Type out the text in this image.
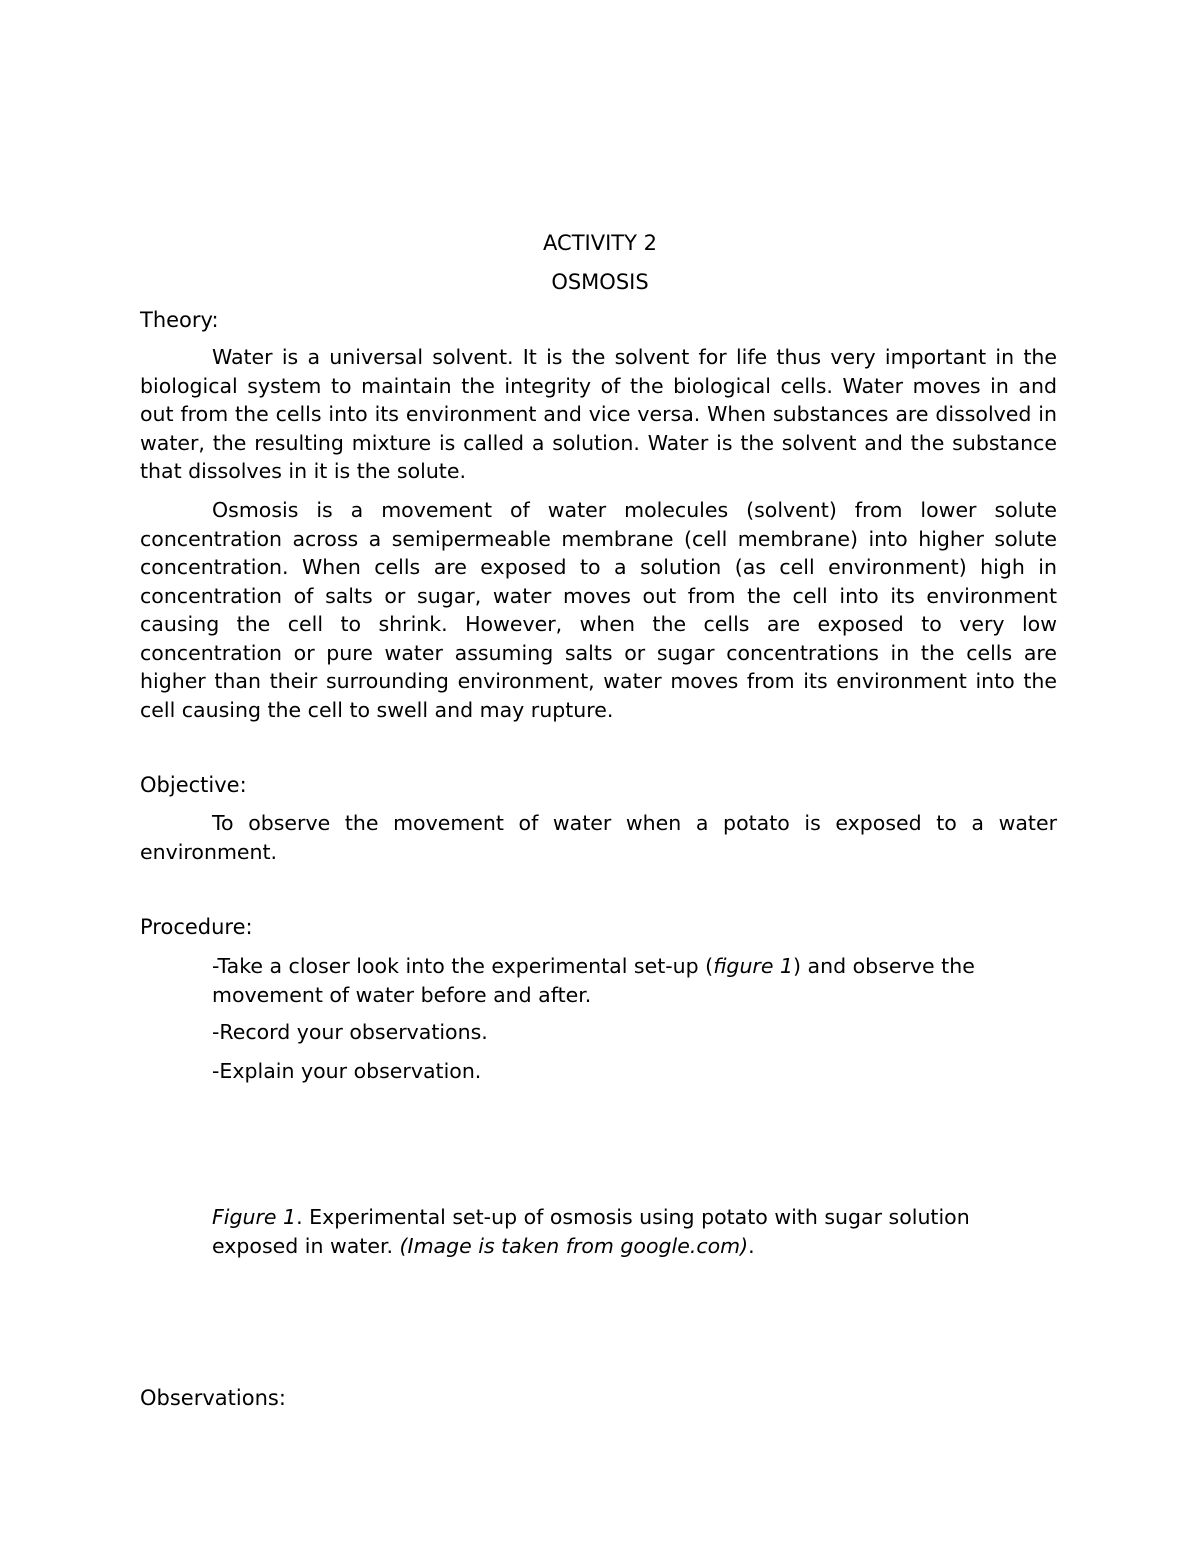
ACTIVITY 2
OSMOSIS
Theory:

Water is a universal solvent. It is the solvent for life thus very important in the biological system to maintain the integrity of the biological cells. Water moves in and out from the cells into its environment and vice versa. When substances are dissolved in water, the resulting mixture is called a solution. Water is the solvent and the substance that dissolves in it is the solute.

Osmosis is a movement of water molecules (solvent) from lower solute concentration across a semipermeable membrane (cell membrane) into higher solute concentration. When cells are exposed to a solution (as cell environment) high in concentration of salts or sugar, water moves out from the cell into its environment causing the cell to shrink. However, when the cells are exposed to very low concentration or pure water assuming salts or sugar concentrations in the cells are higher than their surrounding environment, water moves from its environment into the cell causing the cell to swell and may rupture.

Objective:

To observe the movement of water when a potato is exposed to a water environment.

Procedure:

-Take a closer look into the experimental set-up (figure 1) and observe the movement of water before and after.

-Record your observations.

-Explain your observation.

Figure 1. Experimental set-up of osmosis using potato with sugar solution exposed in water. (Image is taken from google.com).

Observations:
